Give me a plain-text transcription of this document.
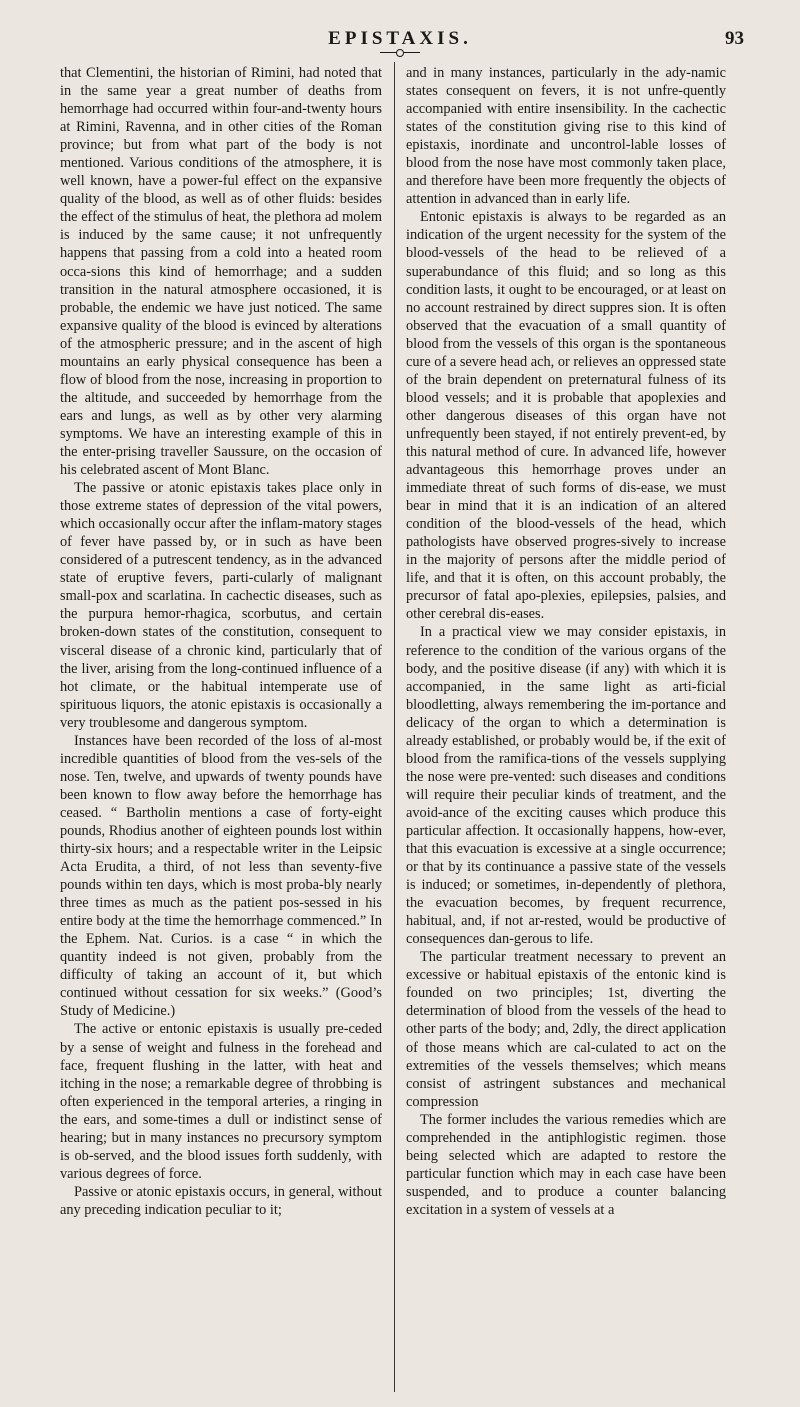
EPISTAXIS.	93

that Clementini, the historian of Rimini, had noted that in the same year a great number of deaths from hemorrhage had occurred within four-and-twenty hours at Rimini, Ravenna, and in other cities of the Roman province; but from what part of the body is not mentioned. Various conditions of the atmosphere, it is well known, have a power-ful effect on the expansive quality of the blood, as well as of other fluids: besides the effect of the stimulus of heat, the plethora ad molem is induced by the same cause; it not unfrequently happens that passing from a cold into a heated room occa-sions this kind of hemorrhage; and a sudden transition in the natural atmosphere occasioned, it is probable, the endemic we have just noticed. The same expansive quality of the blood is evinced by alterations of the atmospheric pressure; and in the ascent of high mountains an early physical consequence has been a flow of blood from the nose, increasing in proportion to the altitude, and succeeded by hemorrhage from the ears and lungs, as well as by other very alarming symptoms. We have an interesting example of this in the enter-prising traveller Saussure, on the occasion of his celebrated ascent of Mont Blanc.

The passive or atonic epistaxis takes place only in those extreme states of depression of the vital powers, which occasionally occur after the inflam-matory stages of fever have passed by, or in such as have been considered of a putrescent tendency, as in the advanced state of eruptive fevers, parti-cularly of malignant small-pox and scarlatina. In cachectic diseases, such as the purpura hemor-rhagica, scorbutus, and certain broken-down states of the constitution, consequent to visceral disease of a chronic kind, particularly that of the liver, arising from the long-continued influence of a hot climate, or the habitual intemperate use of spirituous liquors, the atonic epistaxis is occasionally a very troublesome and dangerous symptom.

Instances have been recorded of the loss of al-most incredible quantities of blood from the ves-sels of the nose. Ten, twelve, and upwards of twenty pounds have been known to flow away before the hemorrhage has ceased. “ Bartholin mentions a case of forty-eight pounds, Rhodius another of eighteen pounds lost within thirty-six hours; and a respectable writer in the Leipsic Acta Erudita, a third, of not less than seventy-five pounds within ten days, which is most proba-bly nearly three times as much as the patient pos-sessed in his entire body at the time the hemorrhage commenced.” In the Ephem. Nat. Curios. is a case “ in which the quantity indeed is not given, probably from the difficulty of taking an account of it, but which continued without cessation for six weeks.” (Good’s Study of Medicine.)

The active or entonic epistaxis is usually pre-ceded by a sense of weight and fulness in the forehead and face, frequent flushing in the latter, with heat and itching in the nose; a remarkable degree of throbbing is often experienced in the temporal arteries, a ringing in the ears, and some-times a dull or indistinct sense of hearing; but in many instances no precursory symptom is ob-served, and the blood issues forth suddenly, with various degrees of force.

Passive or atonic epistaxis occurs, in general, without any preceding indication peculiar to it;

and in many instances, particularly in the ady-namic states consequent on fevers, it is not unfre-quently accompanied with entire insensibility. In the cachectic states of the constitution giving rise to this kind of epistaxis, inordinate and uncontrol-lable losses of blood from the nose have most commonly taken place, and therefore have been more frequently the objects of attention in advanced than in early life.

Entonic epistaxis is always to be regarded as an indication of the urgent necessity for the system of the blood-vessels of the head to be relieved of a superabundance of this fluid; and so long as this condition lasts, it ought to be encouraged, or at least on no account restrained by direct suppres sion. It is often observed that the evacuation of a small quantity of blood from the vessels of this organ is the spontaneous cure of a severe head ach, or relieves an oppressed state of the brain dependent on preternatural fulness of its blood vessels; and it is probable that apoplexies and other dangerous diseases of this organ have not unfrequently been stayed, if not entirely prevent-ed, by this natural method of cure. In advanced life, however advantageous this hemorrhage proves under an immediate threat of such forms of dis-ease, we must bear in mind that it is an indication of an altered condition of the blood-vessels of the head, which pathologists have observed progres-sively to increase in the majority of persons after the middle period of life, and that it is often, on this account probably, the precursor of fatal apo-plexies, epilepsies, palsies, and other cerebral dis-eases.

In a practical view we may consider epistaxis, in reference to the condition of the various organs of the body, and the positive disease (if any) with which it is accompanied, in the same light as arti-ficial bloodletting, always remembering the im-portance and delicacy of the organ to which a determination is already established, or probably would be, if the exit of blood from the ramifica-tions of the vessels supplying the nose were pre-vented: such diseases and conditions will require their peculiar kinds of treatment, and the avoid-ance of the exciting causes which produce this particular affection. It occasionally happens, how-ever, that this evacuation is excessive at a single occurrence; or that by its continuance a passive state of the vessels is induced; or sometimes, in-dependently of plethora, the evacuation becomes, by frequent recurrence, habitual, and, if not ar-rested, would be productive of consequences dan-gerous to life.

The particular treatment necessary to prevent an excessive or habitual epistaxis of the entonic kind is founded on two principles; 1st, diverting the determination of blood from the vessels of the head to other parts of the body; and, 2dly, the direct application of those means which are cal-culated to act on the extremities of the vessels themselves; which means consist of astringent substances and mechanical compression

The former includes the various remedies which are comprehended in the antiphlogistic regimen. those being selected which are adapted to restore the particular function which may in each case have been suspended, and to produce a counter balancing excitation in a system of vessels at a
